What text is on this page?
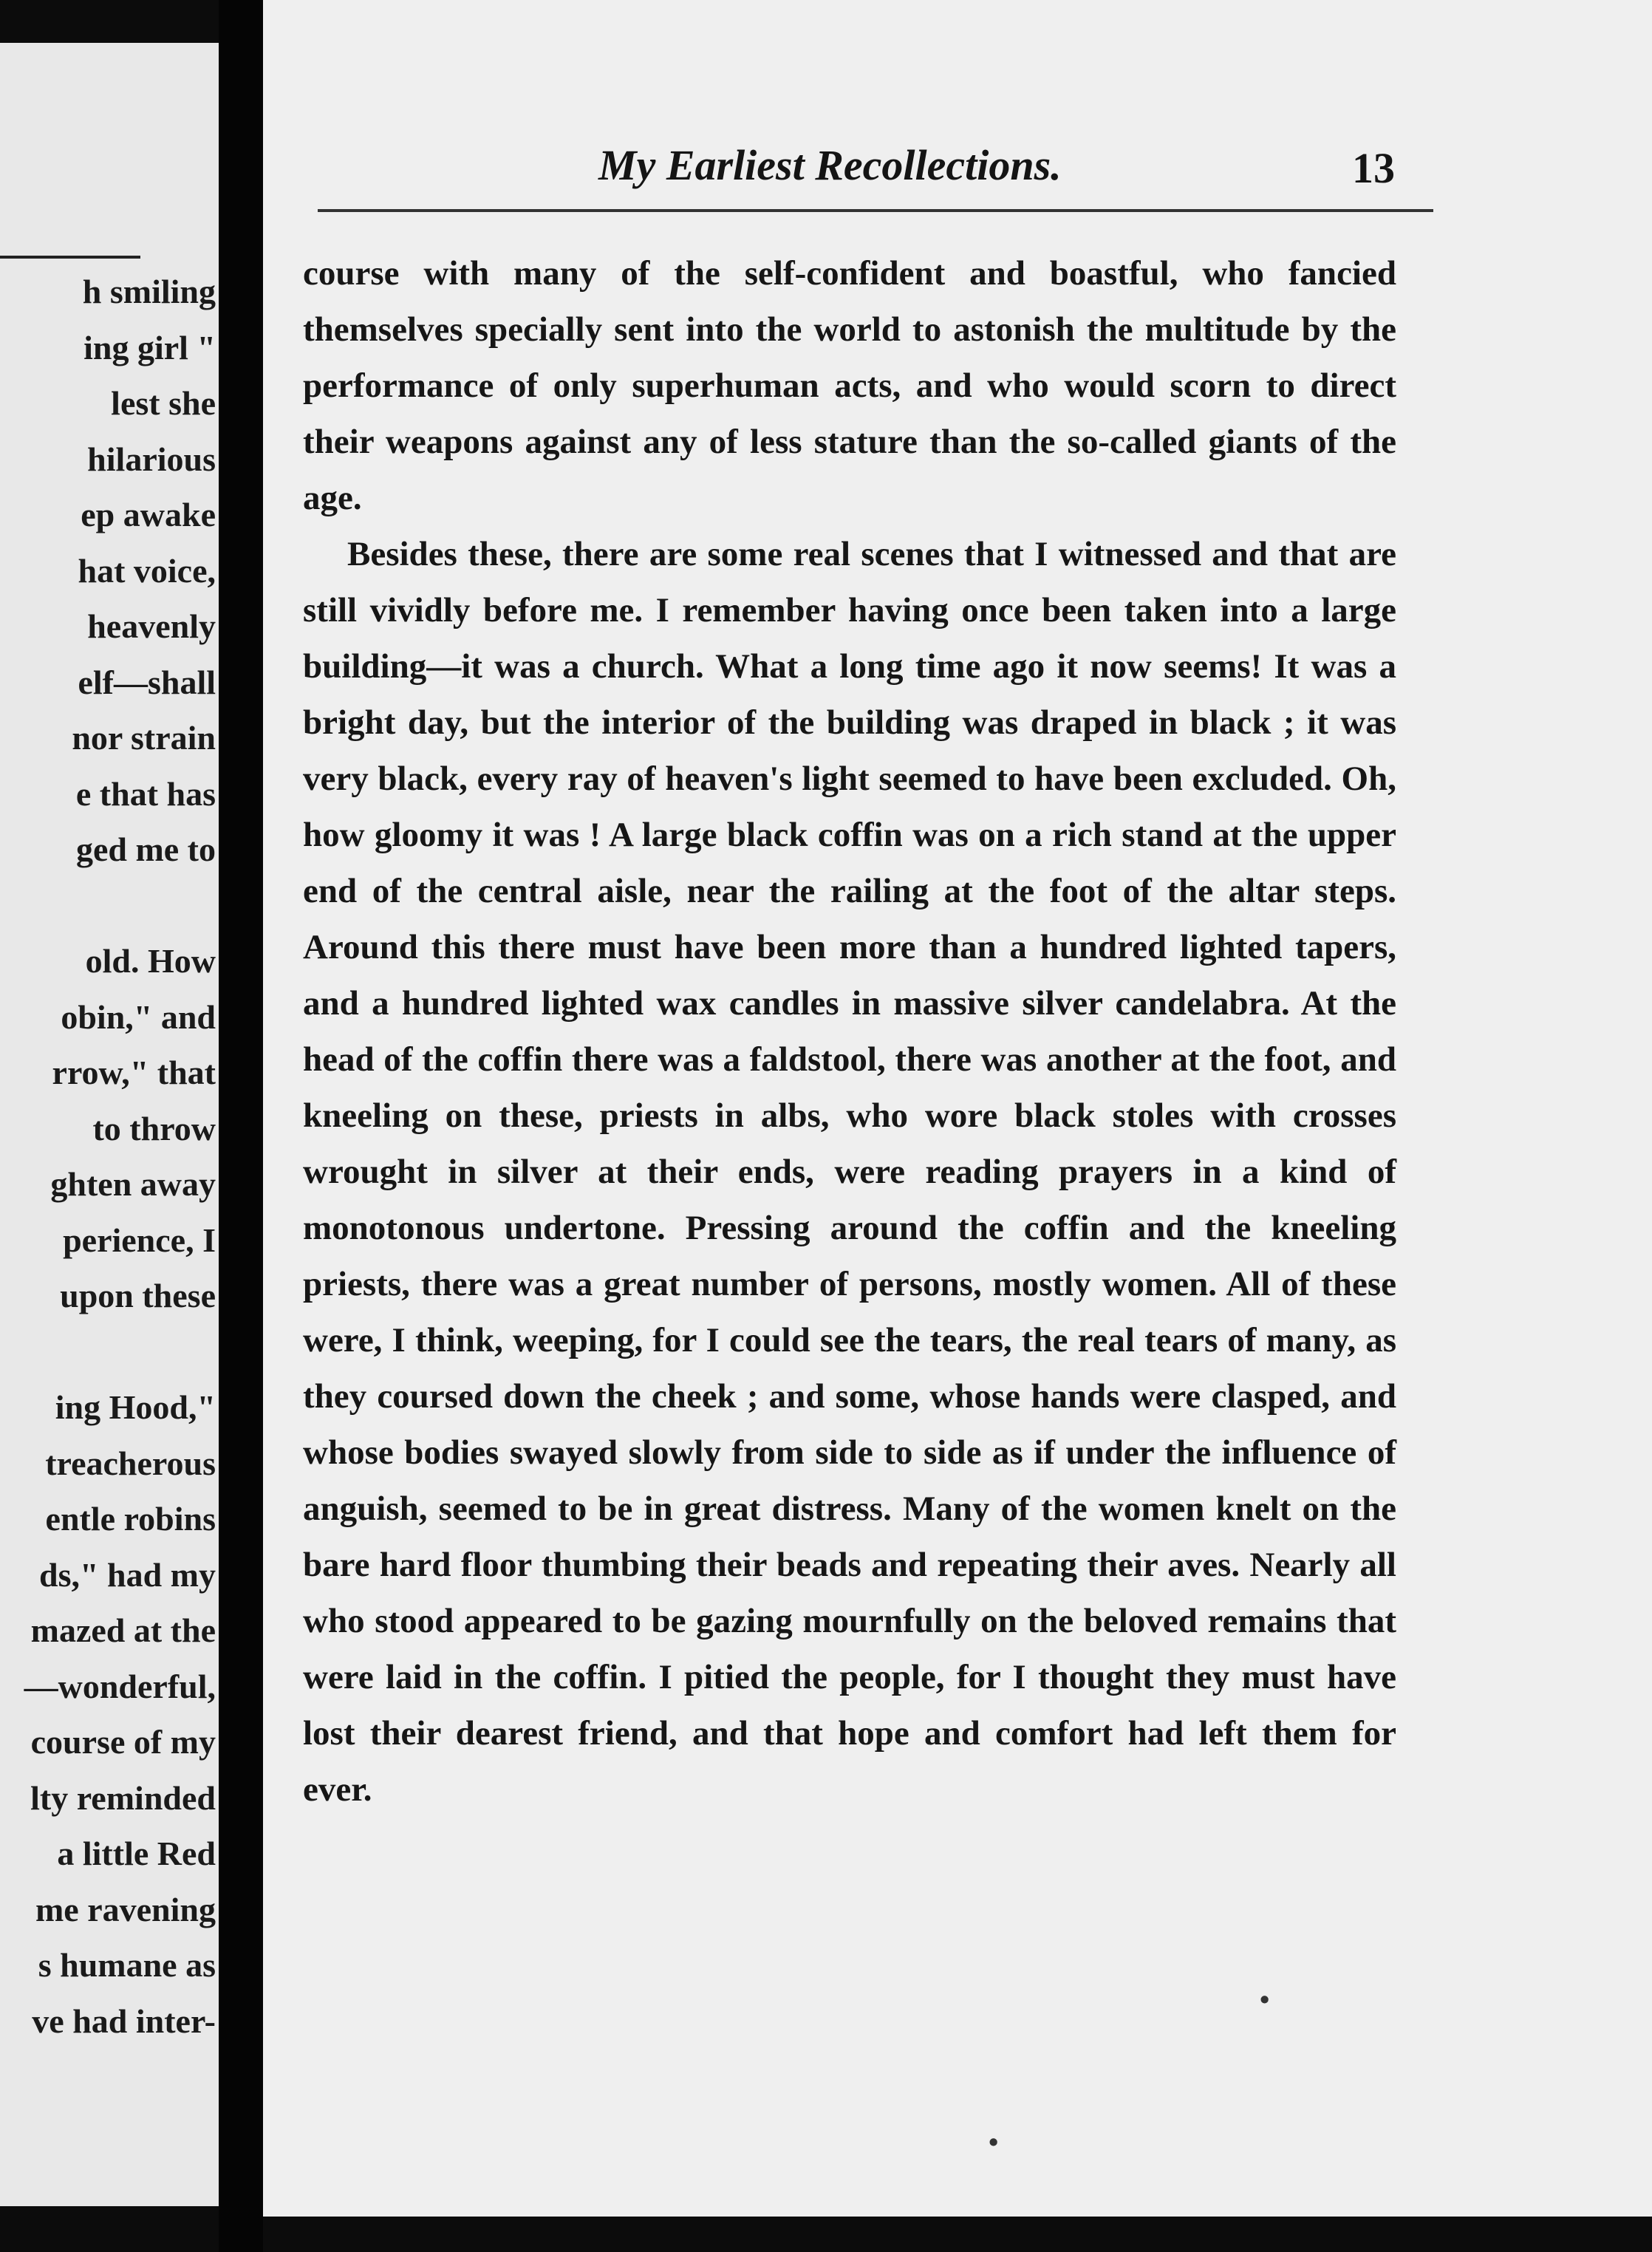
h smiling
ing girl "
lest she
hilarious
ep awake
hat voice,
heavenly
elf—shall
nor strain
e that has
ged me to
old. How
obin," and
rrow," that
to throw
ghten away
perience, I
upon these
ing Hood,"
treacherous
entle robins
ds," had my
mazed at the
—wonderful,
course of my
lty reminded
a little Red
me ravening
s humane as
ve had inter-
My Earliest Recollections.	13

course with many of the self-confident and boastful, who fancied themselves specially sent into the world to astonish the multitude by the performance of only superhuman acts, and who would scorn to direct their weapons against any of less stature than the so-called giants of the age.

Besides these, there are some real scenes that I witnessed and that are still vividly before me. I remember having once been taken into a large building—it was a church. What a long time ago it now seems! It was a bright day, but the interior of the building was draped in black ; it was very black, every ray of heaven's light seemed to have been excluded. Oh, how gloomy it was ! A large black coffin was on a rich stand at the upper end of the central aisle, near the railing at the foot of the altar steps. Around this there must have been more than a hundred lighted tapers, and a hundred lighted wax candles in massive silver candelabra. At the head of the coffin there was a faldstool, there was another at the foot, and kneeling on these, priests in albs, who wore black stoles with crosses wrought in silver at their ends, were reading prayers in a kind of monotonous undertone. Pressing around the coffin and the kneeling priests, there was a great number of persons, mostly women. All of these were, I think, weeping, for I could see the tears, the real tears of many, as they coursed down the cheek ; and some, whose hands were clasped, and whose bodies swayed slowly from side to side as if under the influence of anguish, seemed to be in great distress. Many of the women knelt on the bare hard floor thumbing their beads and repeating their aves. Nearly all who stood appeared to be gazing mournfully on the beloved remains that were laid in the coffin. I pitied the people, for I thought they must have lost their dearest friend, and that hope and comfort had left them for ever.

•
•
